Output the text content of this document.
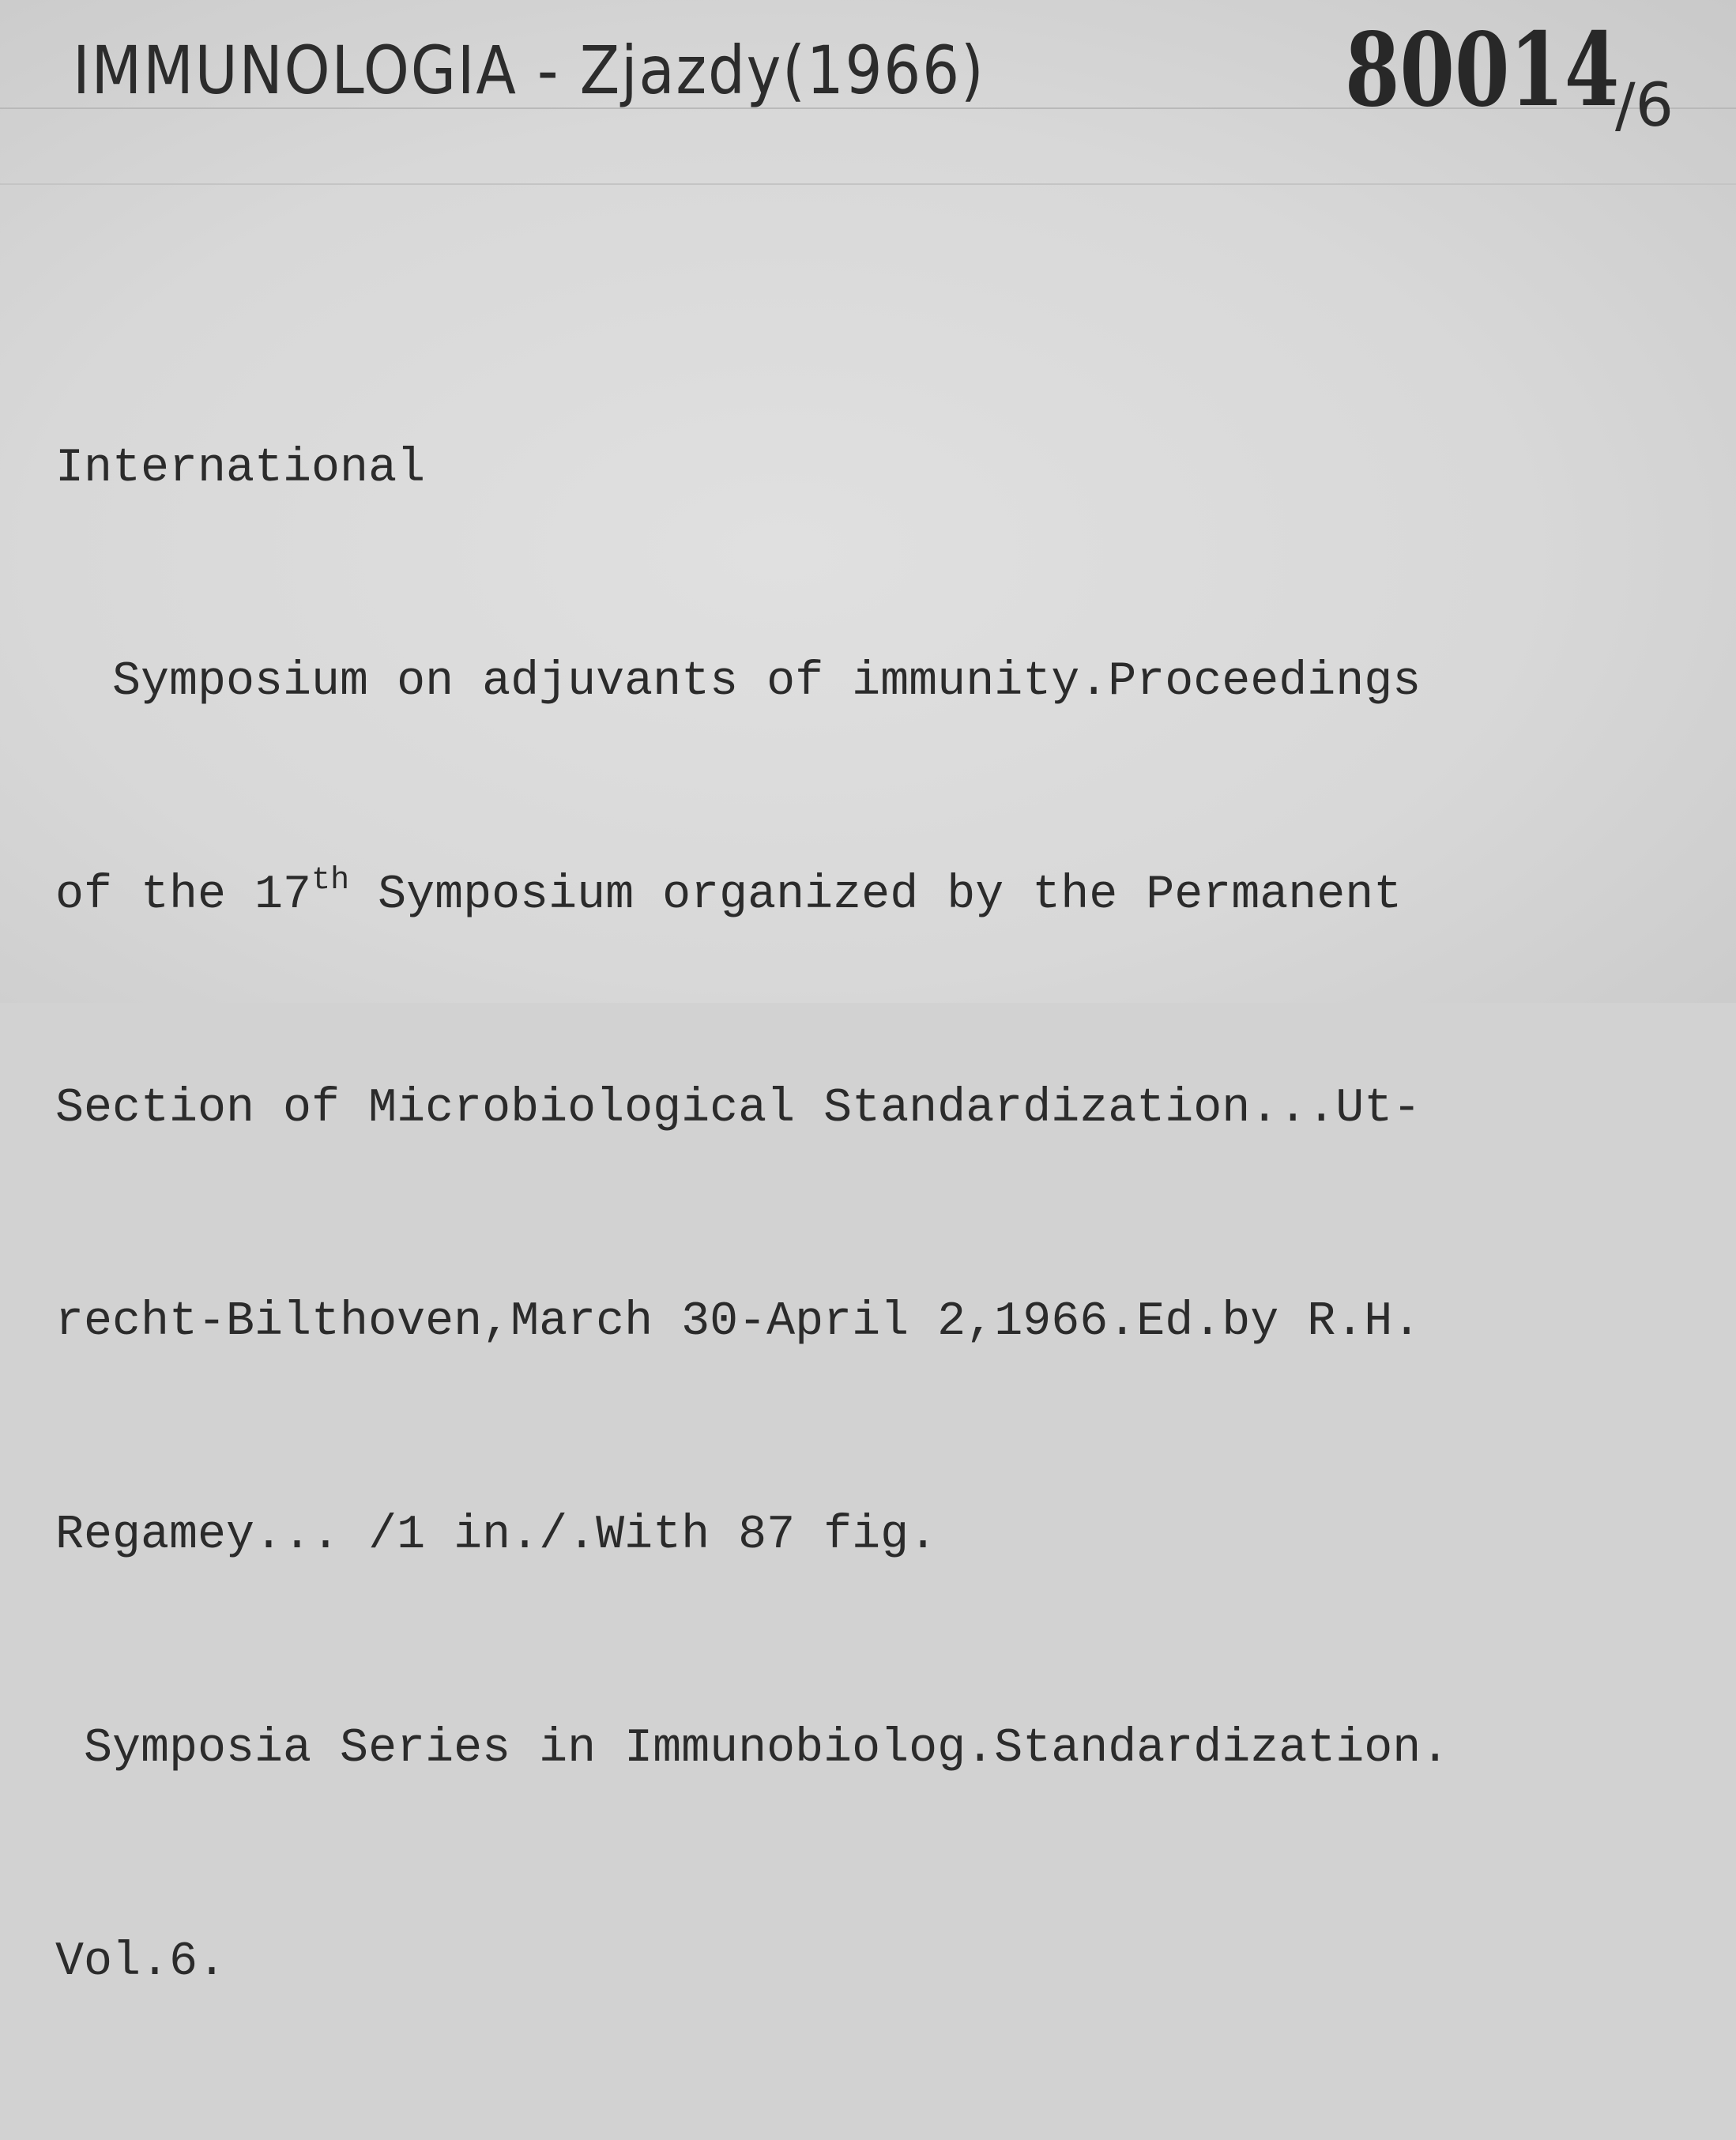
IMMUNOLOGIA - Zjazdy(1966)	80014
/6

International

Symposium on adjuvants of immunity.Proceedings

of the 17th Symposium organized by the Permanent

Section of Microbiological Standardization...Ut-

recht-Bilthoven,March 30-April 2,1966.Ed.by R.H.

Regamey... /1 in./.With 87 fig.

Symposia Series in Immunobiolog.Standardization.

Vol.6.
